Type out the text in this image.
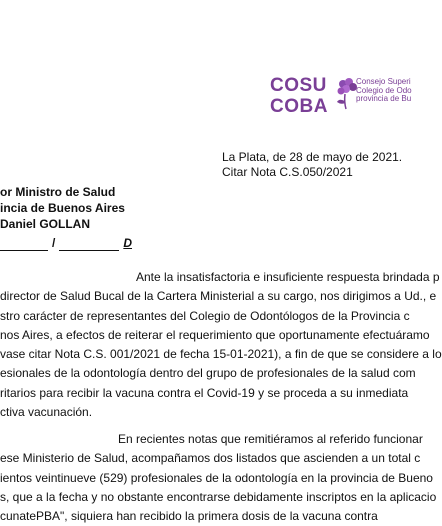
COSU
COBA
Consejo Superi
Colegio de Odo
provincia de Bu
La Plata, de 28 de mayo de 2021.
Citar Nota C.S.050/2021
or Ministro de Salud
incia de Buenos Aires
Daniel GOLLAN
/	D
Ante la insatisfactoria e insuficiente respuesta brindada p
director de Salud Bucal de la Cartera Ministerial a su cargo, nos dirigimos a Ud., e
stro carácter de representantes del Colegio de Odontólogos de la Provincia c
nos Aires, a efectos de reiterar el requerimiento que oportunamente efectuáramo
vase citar Nota C.S. 001/2021 de fecha 15-01-2021), a fin de que se considere a lo
esionales de la odontología dentro del grupo de profesionales de la salud com
ritarios para recibir la vacuna contra el Covid-19 y se proceda a su inmediata
ctiva vacunación.
En recientes notas que remitiéramos al referido funcionar
ese Ministerio de Salud, acompañamos dos listados que ascienden a un total c
ientos veintinueve (529) profesionales de la odontología en la provincia de Bueno
s, que a la fecha y no obstante encontrarse debidamente inscriptos en la aplicacio
cunatePBA", siquiera han recibido la primera dosis de la vacuna contra
